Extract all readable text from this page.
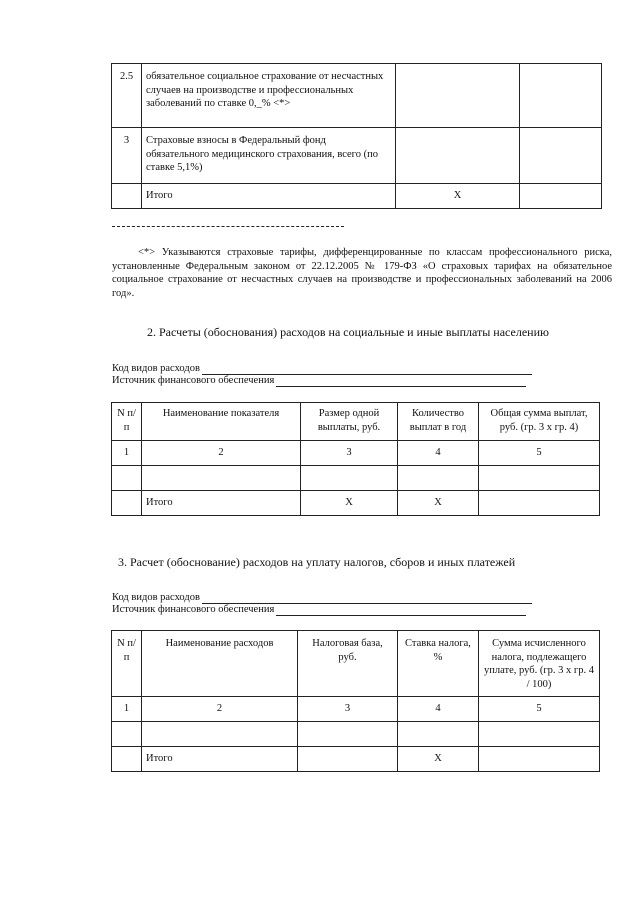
2.5	обязательное социальное страхование от несчастных случаев на производстве и профессиональных заболеваний по ставке 0,_% <*>		
3	Страховые взносы в Федеральный фонд обязательного медицинского страхования, всего (по ставке 5,1%)		
	Итого	X	
<*> Указываются страховые тарифы, дифференцированные по классам профессионального риска, установленные Федеральным законом от 22.12.2005 № 179-ФЗ «О страховых тарифах на обязательное социальное страхование от несчастных случаев на производстве и профессиональных заболеваний на 2006 год».
2. Расчеты (обоснования) расходов на социальные и иные выплаты населению
Код видов расходов
Источник финансового обеспечения
N п/п	Наименование показателя	Размер одной выплаты, руб.	Количество выплат в год	Общая сумма выплат, руб. (гр. 3 x гр. 4)
1	2	3	4	5

	Итого	X	X	
3. Расчет (обоснование) расходов на уплату налогов, сборов и иных платежей
Код видов расходов
Источник финансового обеспечения
N п/п	Наименование расходов	Налоговая база, руб.	Ставка налога, %	Сумма исчисленного налога, подлежащего уплате, руб. (гр. 3 x гр. 4 / 100)
1	2	3	4	5

	Итого		X	
